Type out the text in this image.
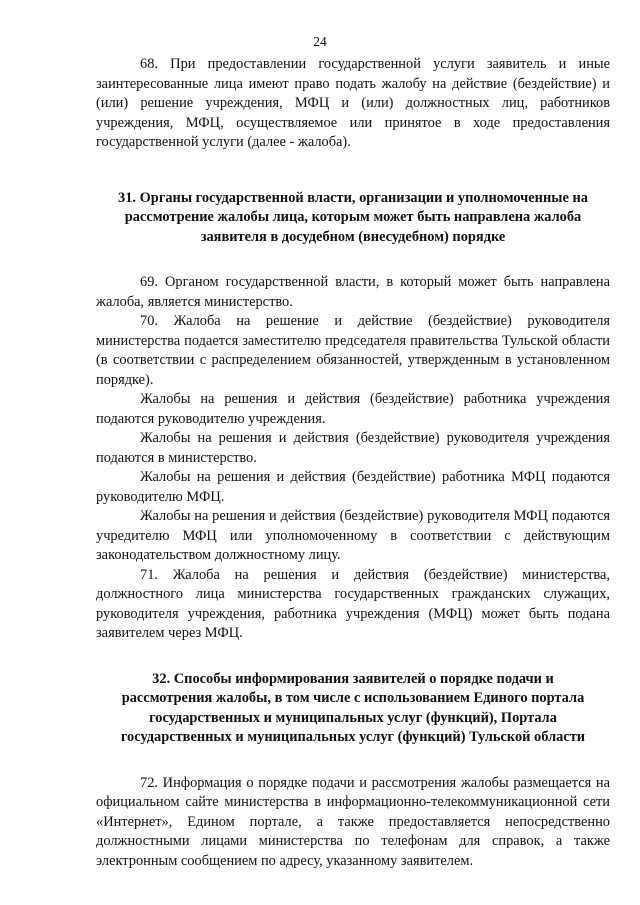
24

68. При предоставлении государственной услуги заявитель и иные заинтересованные лица имеют право подать жалобу на действие (бездействие) и (или) решение учреждения, МФЦ и (или) должностных лиц, работников учреждения, МФЦ, осуществляемое или принятое в ходе предоставления государственной услуги (далее - жалоба).

31. Органы государственной власти, организации и уполномоченные на рассмотрение жалобы лица, которым может быть направлена жалоба заявителя в досудебном (внесудебном) порядке

69. Органом государственной власти, в который может быть направлена жалоба, является министерство.

70. Жалоба на решение и действие (бездействие) руководителя министерства подается заместителю председателя правительства Тульской области (в соответствии с распределением обязанностей, утвержденным в установленном порядке).

Жалобы на решения и действия (бездействие) работника учреждения подаются руководителю учреждения.

Жалобы на решения и действия (бездействие) руководителя учреждения подаются в министерство.

Жалобы на решения и действия (бездействие) работника МФЦ подаются руководителю МФЦ.

Жалобы на решения и действия (бездействие) руководителя МФЦ подаются учредителю МФЦ или уполномоченному в соответствии с действующим законодательством должностному лицу.

71. Жалоба на решения и действия (бездействие) министерства, должностного лица министерства государственных гражданских служащих, руководителя учреждения, работника учреждения (МФЦ) может быть подана заявителем через МФЦ.

32. Способы информирования заявителей о порядке подачи и рассмотрения жалобы, в том числе с использованием Единого портала государственных и муниципальных услуг (функций), Портала государственных и муниципальных услуг (функций) Тульской области

72. Информация о порядке подачи и рассмотрения жалобы размещается на официальном сайте министерства в информационно-телекоммуникационной сети «Интернет», Едином портале, а также предоставляется непосредственно должностными лицами министерства по телефонам для справок, а также электронным сообщением по адресу, указанному заявителем.
